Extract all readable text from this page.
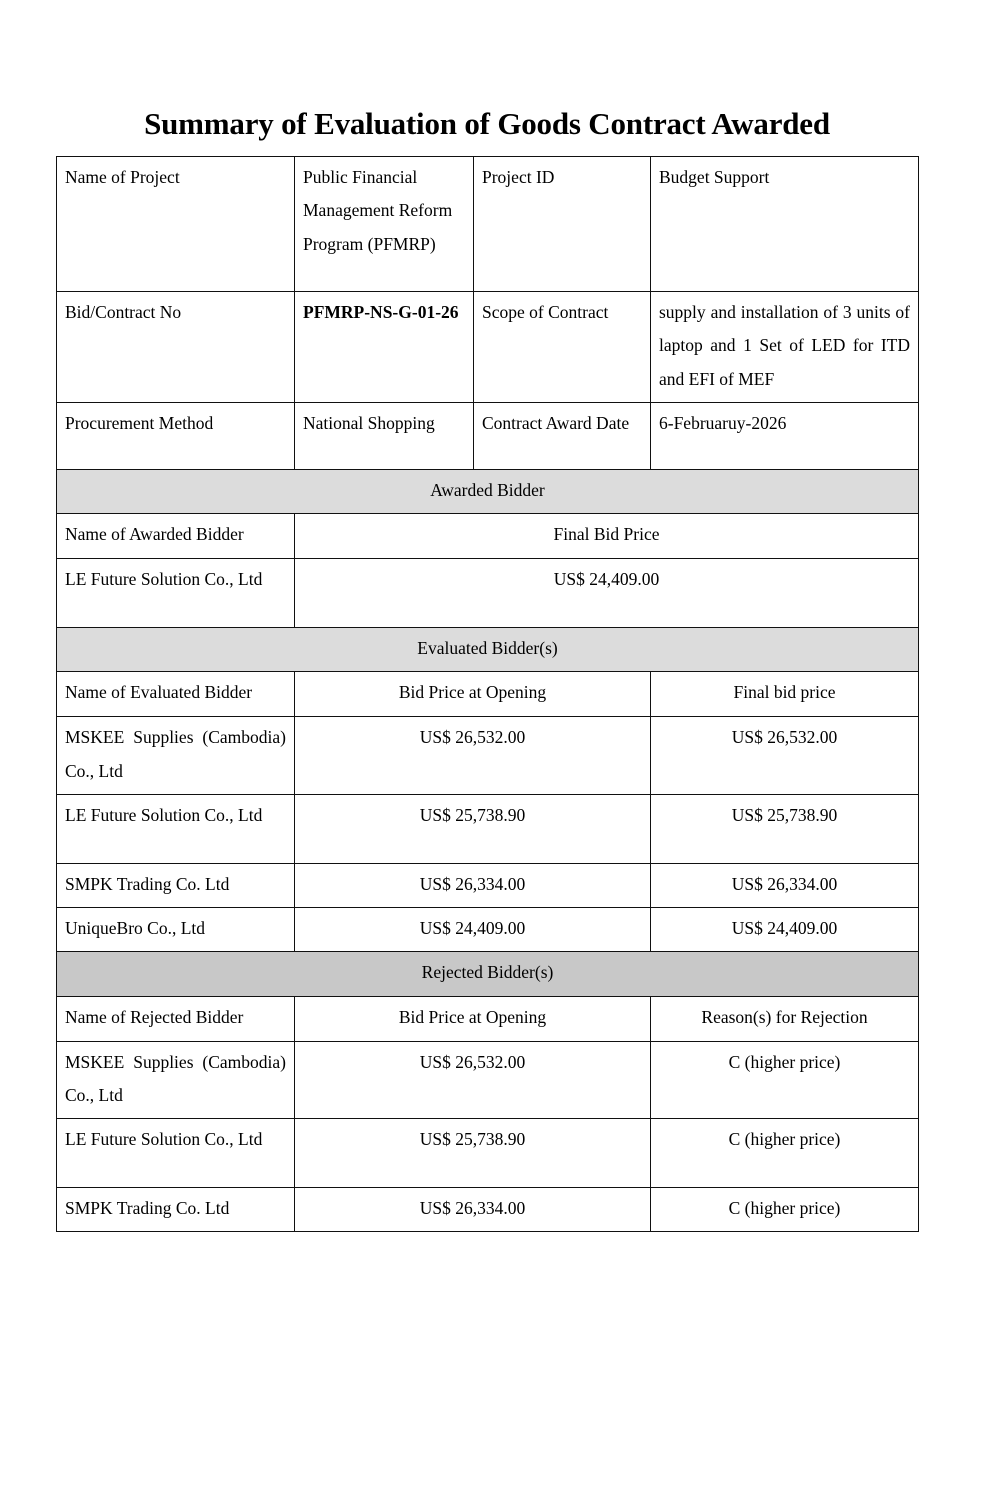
Summary of Evaluation of Goods Contract Awarded
Name of Project	Public Financial Management Reform Program (PFMRP)	Project ID	Budget Support
Bid/Contract No	PFMRP-NS-G-01-26	Scope of Contract	supply and installation of 3 units of laptop and 1 Set of LED for ITD and EFI of MEF
Procurement Method	National Shopping	Contract Award Date	6-Februaruy-2026
Awarded Bidder			
Name of Awarded Bidder	Final Bid Price		
LE Future Solution Co., Ltd	US$ 24,409.00		
Evaluated Bidder(s)			
Name of Evaluated Bidder	Bid Price at Opening		Final bid price
MSKEE Supplies (Cambodia) Co., Ltd	US$ 26,532.00		US$ 26,532.00
LE Future Solution Co., Ltd	US$ 25,738.90		US$ 25,738.90
SMPK Trading Co. Ltd	US$ 26,334.00		US$ 26,334.00
UniqueBro Co., Ltd	US$ 24,409.00		US$ 24,409.00
Rejected Bidder(s)			
Name of Rejected Bidder	Bid Price at Opening		Reason(s) for Rejection
MSKEE Supplies (Cambodia) Co., Ltd	US$ 26,532.00		C (higher price)
LE Future Solution Co., Ltd	US$ 25,738.90		C (higher price)
SMPK Trading Co. Ltd	US$ 26,334.00		C (higher price)
